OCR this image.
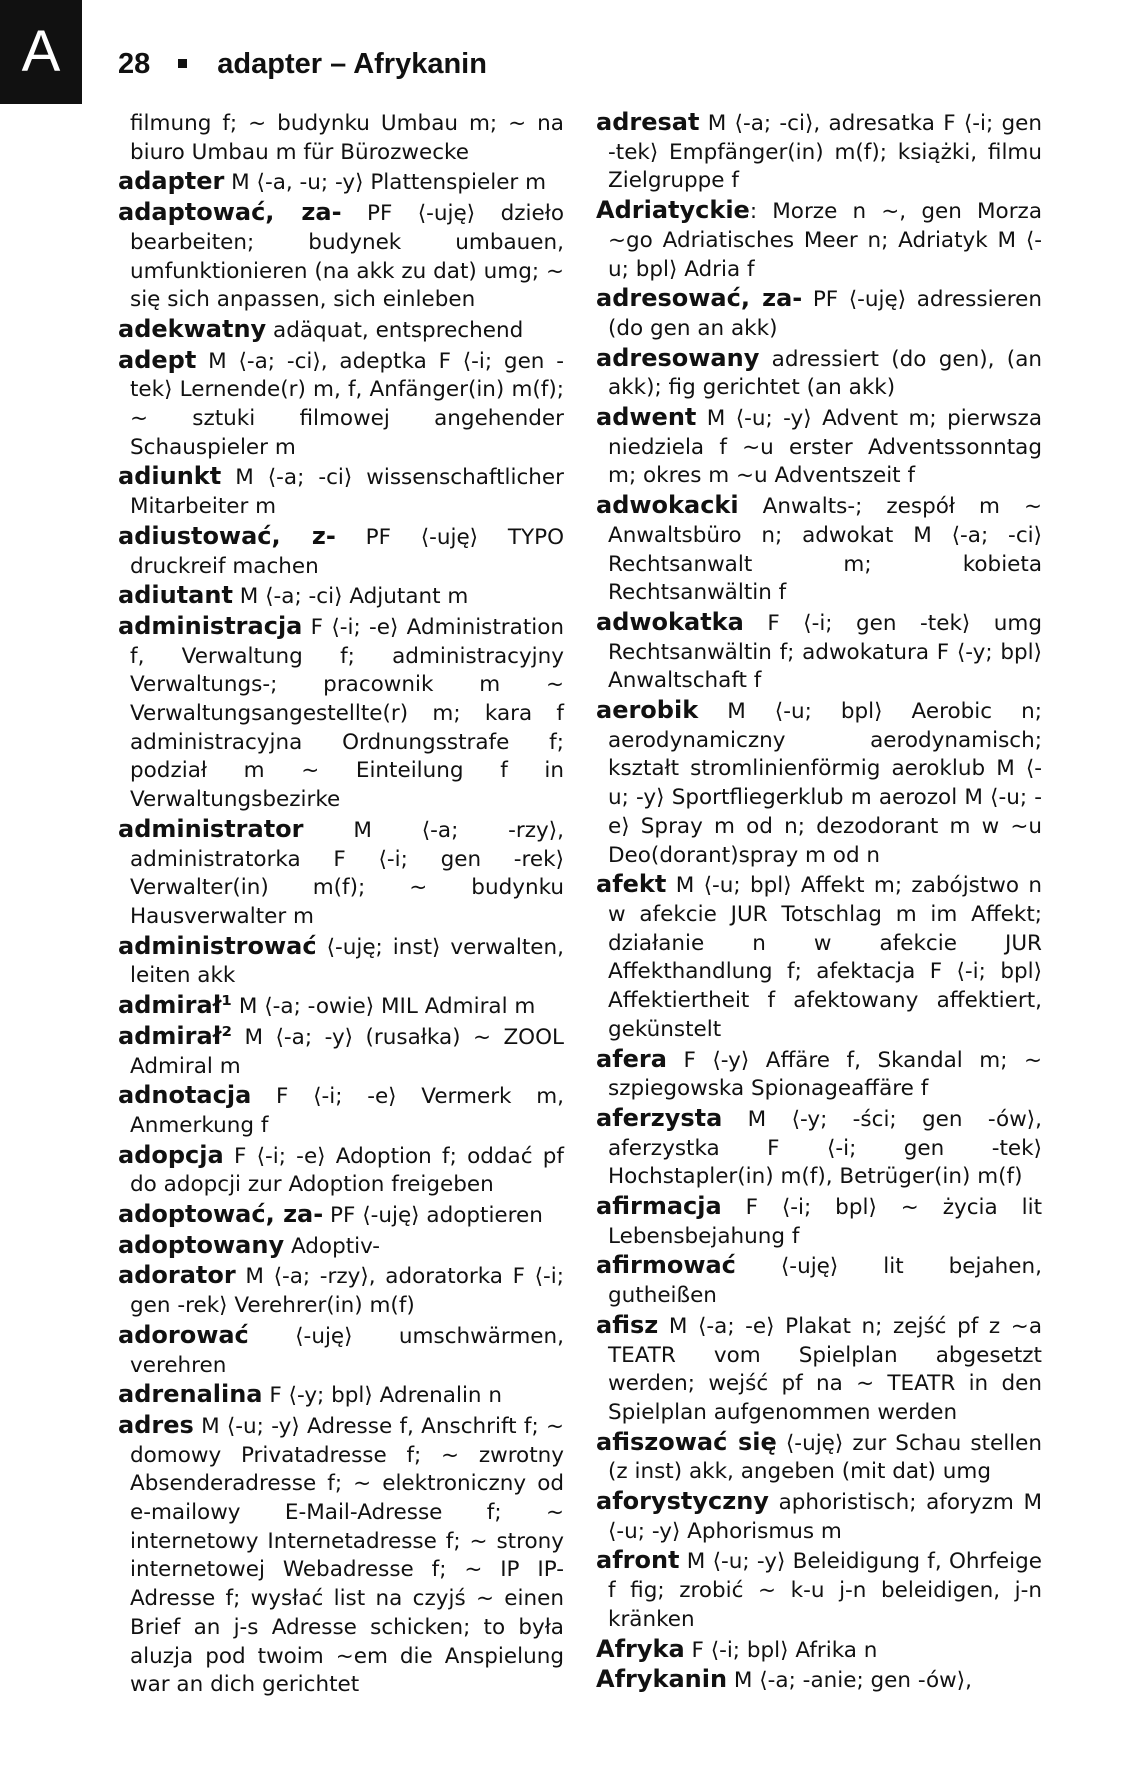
A	28 adapter – Afrykanin
filmung f; ~ budynku Umbau m; ~ na biuro Umbau m für Bürozwecke
adapter M ⟨-a, -u; -y⟩ Plattenspieler m
adaptować, za- PF ⟨-uję⟩ dzieło bearbeiten; budynek umbauen, umfunktionieren (na akk zu dat) umg; ~ się sich anpassen, sich einleben
adekwatny adäquat, entsprechend
adept M ⟨-a; -ci⟩, adeptka F ⟨-i; gen -tek⟩ Lernende(r) m, f, Anfänger(in) m(f); ~ sztuki filmowej angehender Schauspieler m
adiunkt M ⟨-a; -ci⟩ wissenschaftlicher Mitarbeiter m
adiustować, z- PF ⟨-uję⟩ TYPO druckreif machen
adiutant M ⟨-a; -ci⟩ Adjutant m
administracja F ⟨-i; -e⟩ Administration f, Verwaltung f; administracyjny Verwaltungs-; pracownik m ~ Verwaltungsangestellte(r) m; kara f administracyjna Ordnungsstrafe f; podział m ~ Einteilung f in Verwaltungsbezirke
administrator M ⟨-a; -rzy⟩, administratorka F ⟨-i; gen -rek⟩ Verwalter(in) m(f); ~ budynku Hausverwalter m
administrować ⟨-uję; inst⟩ verwalten, leiten akk
admirał¹ M ⟨-a; -owie⟩ MIL Admiral m
admirał² M ⟨-a; -y⟩ (rusałka) ~ ZOOL Admiral m
adnotacja F ⟨-i; -e⟩ Vermerk m, Anmerkung f
adopcja F ⟨-i; -e⟩ Adoption f; oddać pf do adopcji zur Adoption freigeben
adoptować, za- PF ⟨-uję⟩ adoptieren
adoptowany Adoptiv-
adorator M ⟨-a; -rzy⟩, adoratorka F ⟨-i; gen -rek⟩ Verehrer(in) m(f)
adorować ⟨-uję⟩ umschwärmen, verehren
adrenalina F ⟨-y; bpl⟩ Adrenalin n
adres M ⟨-u; -y⟩ Adresse f, Anschrift f; ~ domowy Privatadresse f; ~ zwrotny Absenderadresse f; ~ elektroniczny od e-mailowy E-Mail-Adresse f; ~ internetowy Internetadresse f; ~ strony internetowej Webadresse f; ~ IP IP-Adresse f; wysłać list na czyjś ~ einen Brief an j-s Adresse schicken; to była aluzja pod twoim ~em die Anspielung war an dich gerichtet
adresat M ⟨-a; -ci⟩, adresatka F ⟨-i; gen -tek⟩ Empfänger(in) m(f); książki, filmu Zielgruppe f
Adriatyckie: Morze n ~, gen Morza ~go Adriatisches Meer n; Adriatyk M ⟨-u; bpl⟩ Adria f
adresować, za- PF ⟨-uję⟩ adressieren (do gen an akk)
adresowany adressiert (do gen), (an akk); fig gerichtet (an akk)
adwent M ⟨-u; -y⟩ Advent m; pierwsza niedziela f ~u erster Adventssonntag m; okres m ~u Adventszeit f
adwokacki Anwalts-; zespół m ~ Anwaltsbüro n; adwokat M ⟨-a; -ci⟩ Rechtsanwalt m; kobieta Rechtsanwältin f
adwokatka F ⟨-i; gen -tek⟩ umg Rechtsanwältin f; adwokatura F ⟨-y; bpl⟩ Anwaltschaft f
aerobik M ⟨-u; bpl⟩ Aerobic n; aerodynamiczny aerodynamisch; kształt stromlinienförmig aeroklub M ⟨-u; -y⟩ Sportfliegerklub m aerozol M ⟨-u; -e⟩ Spray m od n; dezodorant m w ~u Deo(dorant)spray m od n
afekt M ⟨-u; bpl⟩ Affekt m; zabójstwo n w afekcie JUR Totschlag m im Affekt; działanie n w afekcie JUR Affekthandlung f; afektacja F ⟨-i; bpl⟩ Affektiertheit f afektowany affektiert, gekünstelt
afera F ⟨-y⟩ Affäre f, Skandal m; ~ szpiegowska Spionageaffäre f
aferzysta M ⟨-y; -ści; gen -ów⟩, aferzystka F ⟨-i; gen -tek⟩ Hochstapler(in) m(f), Betrüger(in) m(f)
afirmacja F ⟨-i; bpl⟩ ~ życia lit Lebensbejahung f
afirmować ⟨-uję⟩ lit bejahen, gutheißen
afisz M ⟨-a; -e⟩ Plakat n; zejść pf z ~a TEATR vom Spielplan abgesetzt werden; wejść pf na ~ TEATR in den Spielplan aufgenommen werden
afiszować się ⟨-uję⟩ zur Schau stellen (z inst) akk, angeben (mit dat) umg
aforystyczny aphoristisch; aforyzm M ⟨-u; -y⟩ Aphorismus m
afront M ⟨-u; -y⟩ Beleidigung f, Ohrfeige f fig; zrobić ~ k-u j-n beleidigen, j-n kränken
Afryka F ⟨-i; bpl⟩ Afrika n
Afrykanin M ⟨-a; -anie; gen -ów⟩,
